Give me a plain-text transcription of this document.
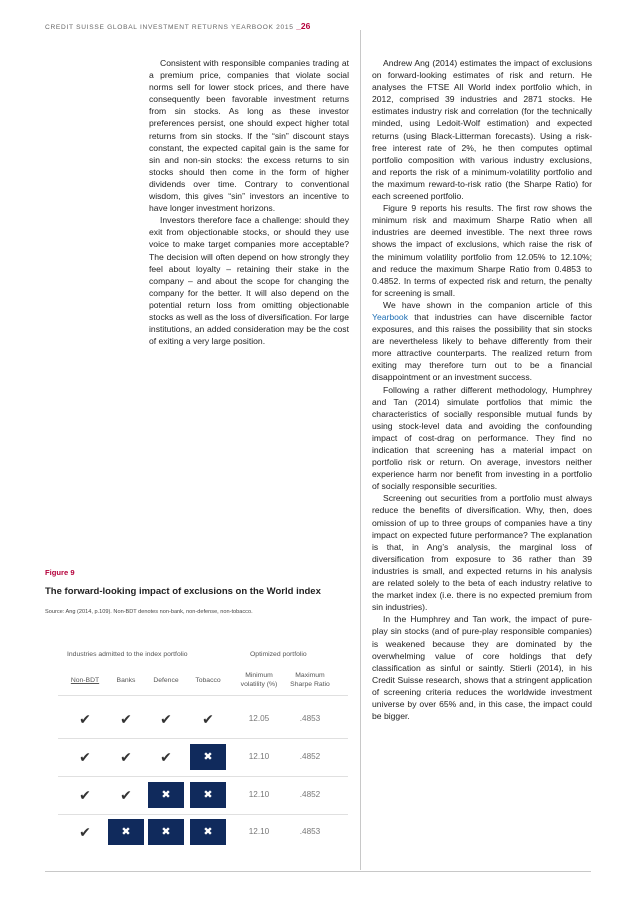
CREDIT SUISSE GLOBAL INVESTMENT RETURNS YEARBOOK 2015 _26

Consistent with responsible companies trading at a premium price, companies that violate social norms sell for lower stock prices, and there have consequently been favorable investment returns from sin stocks. As long as these investor preferences persist, one should expect higher total returns from sin stocks. If the “sin” discount stays constant, the expected capital gain is the same for sin and non-sin stocks: the excess returns to sin stocks should then come in the form of higher dividends over time. Contrary to conventional wisdom, this gives “sin” investors an incentive to have longer investment horizons.

Investors therefore face a challenge: should they exit from objectionable stocks, or should they use voice to make target companies more acceptable? The decision will often depend on how strongly they feel about loyalty – retaining their stake in the company – and about the scope for changing the company for the better. It will also depend on the potential return loss from omitting objectionable stocks as well as the loss of diversification. For large institutions, an added consideration may be the cost of exiting a very large position.

Andrew Ang (2014) estimates the impact of exclusions on forward-looking estimates of risk and return. He analyses the FTSE All World index portfolio which, in 2012, comprised 39 industries and 2871 stocks. He estimates industry risk and correlation (for the technically minded, using Ledoit-Wolf estimation) and expected returns (using Black-Litterman forecasts). Using a risk-free interest rate of 2%, he then computes optimal portfolio composition with various industry exclusions, and reports the risk of a minimum-volatility portfolio and the maximum reward-to-risk ratio (the Sharpe Ratio) for each screened portfolio.

Figure 9 reports his results. The first row shows the minimum risk and maximum Sharpe Ratio when all industries are deemed investible. The next three rows shows the impact of exclusions, which raise the risk of the minimum volatility portfolio from 12.05% to 12.10%; and reduce the maximum Sharpe Ratio from 0.4853 to 0.4852. In terms of expected risk and return, the penalty for screening is small.

We have shown in the companion article of this Yearbook that industries can have discernible factor exposures, and this raises the possibility that sin stocks are nevertheless likely to behave differently from their more attractive counterparts. The realized return from exiting may therefore turn out to be a financial disappointment or an investment success.

Following a rather different methodology, Humphrey and Tan (2014) simulate portfolios that mimic the characteristics of socially responsible mutual funds by using stock-level data and avoiding the confounding impact of cost-drag on performance. They find no indication that screening has a material impact on portfolio risk or return. On average, investors neither experience harm nor benefit from investing in a portfolio of socially responsible securities.

Screening out securities from a portfolio must always reduce the benefits of diversification. Why, then, does omission of up to three groups of companies have a tiny impact on expected future performance? The explanation is that, in Ang’s analysis, the marginal loss of diversification from exposure to 36 rather than 39 industries is small, and expected returns in his analysis are related solely to the beta of each industry relative to the market index (i.e. there is no expected premium from sin industries).

In the Humphrey and Tan work, the impact of pure-play sin stocks (and of pure-play responsible companies) is weakened because they are dominated by the overwhelming value of core holdings that defy classification as sinful or saintly. Stierli (2014), in his Credit Suisse research, shows that a stringent application of screening criteria reduces the worldwide investment universe by over 65% and, in this case, the impact could be bigger.

Figure 9
The forward-looking impact of exclusions on the World index
Source: Ang (2014, p.109). Non-BDT denotes non-bank, non-defense, non-tobacco.
Industries admitted to the index portfolio	Optimized portfolio
Non-BDT	Banks	Defence	Tobacco
Minimum volatility (%)
Maximum Sharpe Ratio
✔	✔	✔	✔	12.05	.4853
✔	✔	✔	✖	12.10	.4852
✔	✔	✖	✖	12.10	.4852
✔	✖	✖	✖	12.10	.4853
